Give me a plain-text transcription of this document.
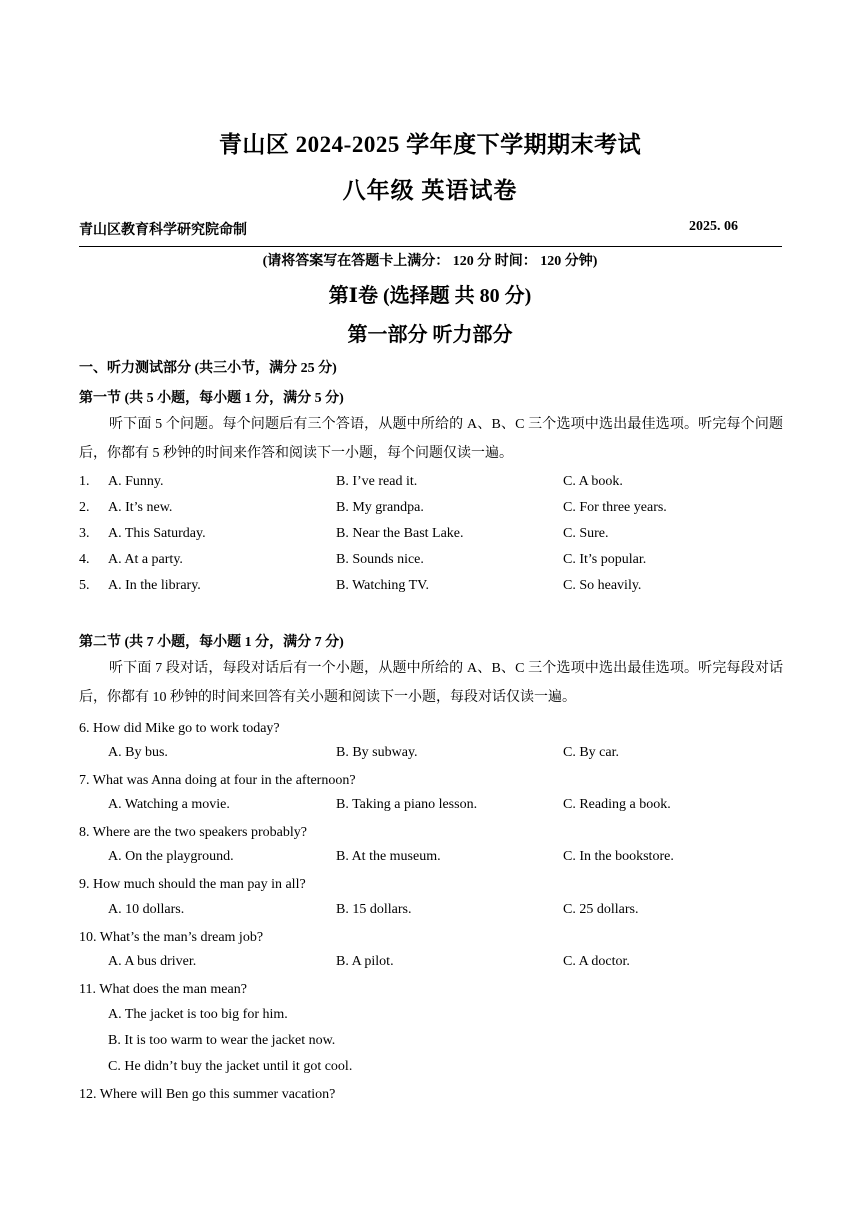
青山区 2024-2025 学年度下学期期末考试
八年级 英语试卷
青山区教育科学研究院命制	2025. 06
(请将答案写在答题卡上满分： 120 分 时间： 120 分钟)
第Ⅰ卷 (选择题 共 80 分)
第一部分 听力部分
一、听力测试部分 (共三小节，满分 25 分)
第一节 (共 5 小题，每小题 1 分，满分 5 分)
听下面 5 个问题。每个问题后有三个答语，从题中所给的 A、B、C 三个选项中选出最佳选项。听完每个问题后，你都有 5 秒钟的时间来作答和阅读下一小题，每个问题仅读一遍。
1. A. Funny.	B. I’ve read it.	C. A book.
2. A. It’s new.	B. My grandpa.	C. For three years.
3. A. This Saturday.	B. Near the Bast Lake.	C. Sure.
4. A. At a party.	B. Sounds nice.	C. It’s popular.
5. A. In the library.	B. Watching TV.	C. So heavily.
第二节 (共 7 小题，每小题 1 分，满分 7 分)
听下面 7 段对话，每段对话后有一个小题，从题中所给的 A、B、C 三个选项中选出最佳选项。听完每段对话后，你都有 10 秒钟的时间来回答有关小题和阅读下一小题，每段对话仅读一遍。
6. How did Mike go to work today?
A. By bus.	B. By subway.	C. By car.
7. What was Anna doing at four in the afternoon?
A. Watching a movie.	B. Taking a piano lesson.	C. Reading a book.
8. Where are the two speakers probably?
A. On the playground.	B. At the museum.	C. In the bookstore.
9. How much should the man pay in all?
A. 10 dollars.	B. 15 dollars.	C. 25 dollars.
10. What’s the man’s dream job?
A. A bus driver.	B. A pilot.	C. A doctor.
11. What does the man mean?
A. The jacket is too big for him.
B. It is too warm to wear the jacket now.
C. He didn’t buy the jacket until it got cool.
12. Where will Ben go this summer vacation?
